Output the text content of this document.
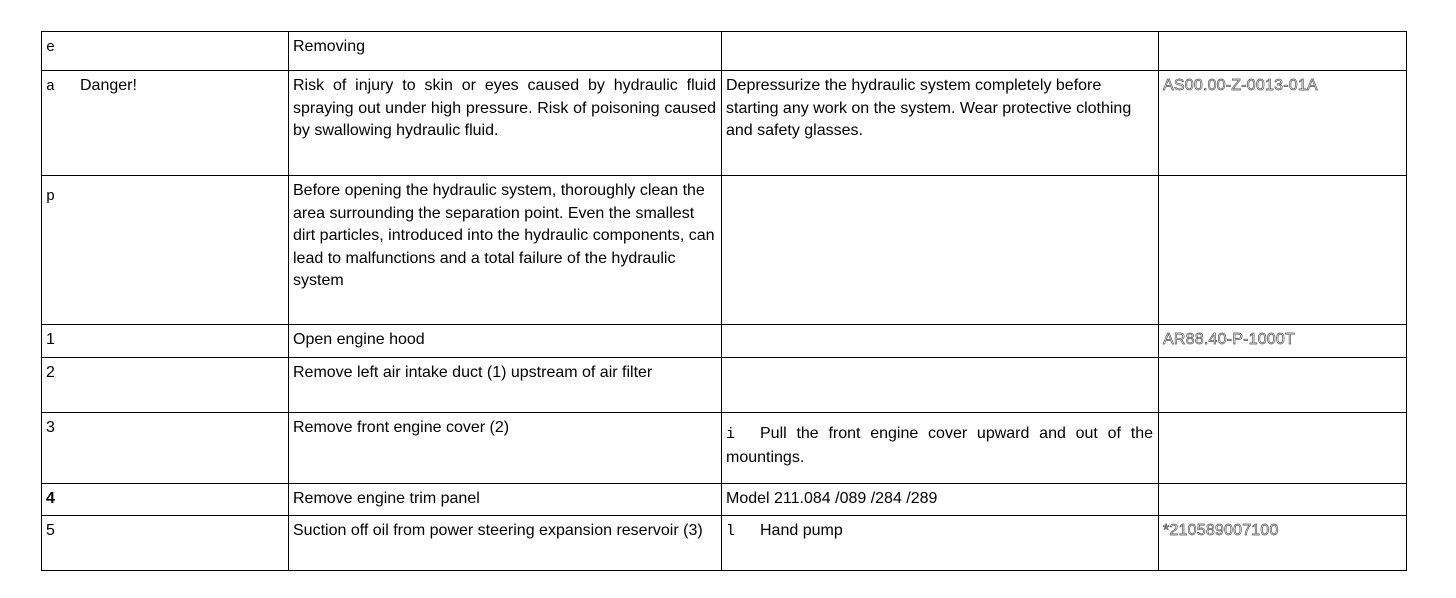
e	Removing		
a Danger!	Risk of injury to skin or eyes caused by hydraulic fluid spraying out under high pressure. Risk of poisoning caused by swallowing hydraulic fluid.	Depressurize the hydraulic system completely before starting any work on the system. Wear protective clothing and safety glasses.	AS00.00-Z-0013-01A
p	Before opening the hydraulic system, thoroughly clean the area surrounding the separation point. Even the smallest dirt particles, introduced into the hydraulic components, can lead to malfunctions and a total failure of the hydraulic system		
1	Open engine hood		AR88.40-P-1000T
2	Remove left air intake duct (1) upstream of air filter		
3	Remove front engine cover (2)	i Pull the front engine cover upward and out of the mountings.	
4	Remove engine trim panel	Model 211.084 /089 /284 /289	
5	Suction off oil from power steering expansion reservoir (3)	l Hand pump	*210589007100
